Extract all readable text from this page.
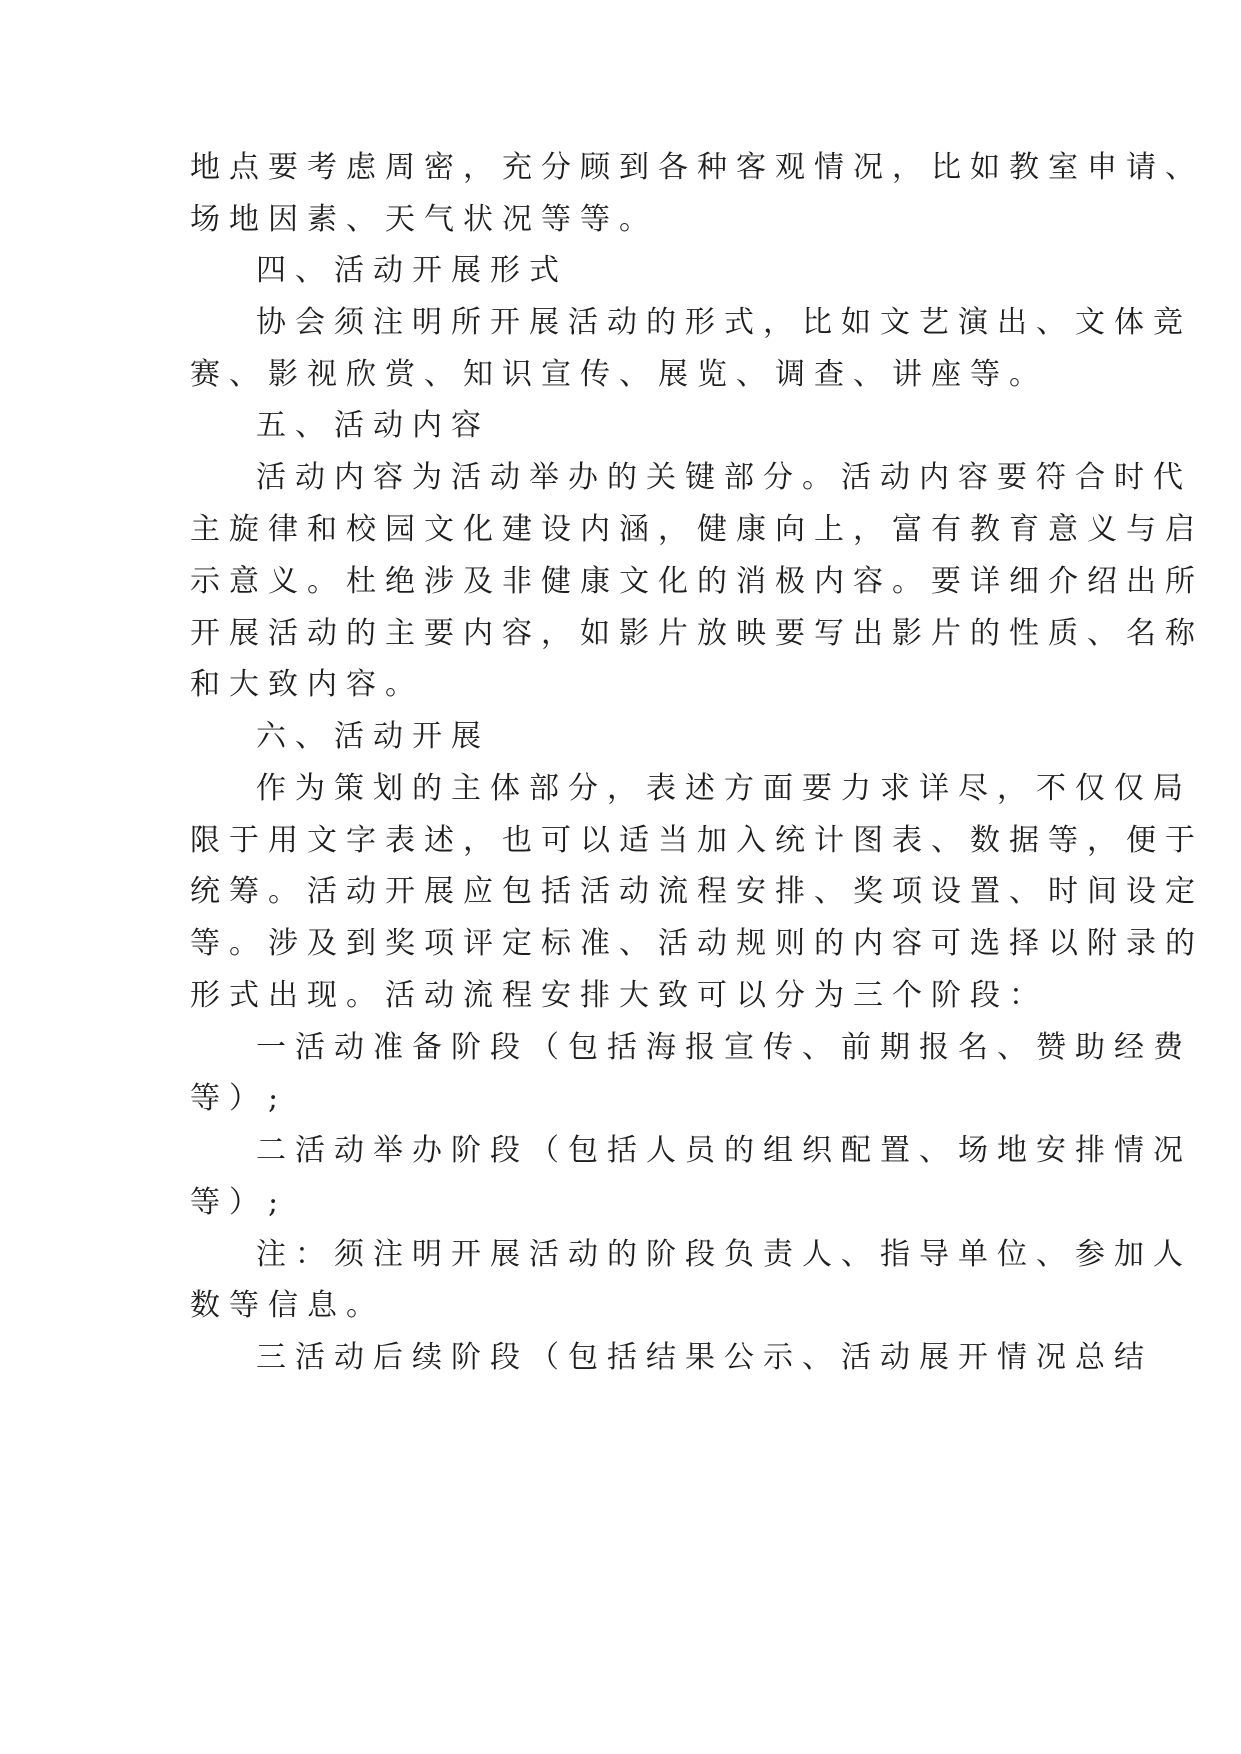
地点要考虑周密，充分顾到各种客观情况，比如教室申请、

场地因素、天气状况等等。

四、活动开展形式

协会须注明所开展活动的形式，比如文艺演出、文体竞

赛、影视欣赏、知识宣传、展览、调查、讲座等。

五、活动内容

活动内容为活动举办的关键部分。活动内容要符合时代

主旋律和校园文化建设内涵，健康向上，富有教育意义与启

示意义。杜绝涉及非健康文化的消极内容。要详细介绍出所

开展活动的主要内容，如影片放映要写出影片的性质、名称

和大致内容。

六、活动开展

作为策划的主体部分，表述方面要力求详尽，不仅仅局

限于用文字表述，也可以适当加入统计图表、数据等，便于

统筹。活动开展应包括活动流程安排、奖项设置、时间设定

等。涉及到奖项评定标准、活动规则的内容可选择以附录的

形式出现。活动流程安排大致可以分为三个阶段：

一活动准备阶段（包括海报宣传、前期报名、赞助经费

等）;

二活动举办阶段（包括人员的组织配置、场地安排情况

等）;

注：须注明开展活动的阶段负责人、指导单位、参加人

数等信息。

三活动后续阶段（包括结果公示、活动展开情况总结
